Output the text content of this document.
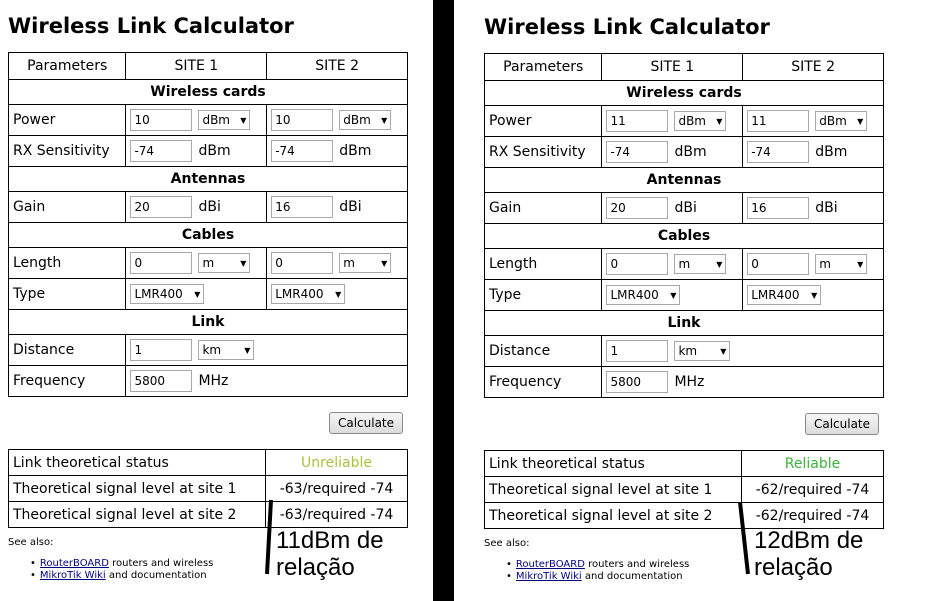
Wireless Link Calculator
Parameters	SITE 1	SITE 2
Wireless cards		
Power	10 dBm ▼	10 dBm ▼

RX Sensitivity	-74 dBm	-74 dBm

Antennas		
Gain	20 dBi	16 dBi

Cables		
Length	0 m ▼	0 m ▼

Type	LMR400 ▼	LMR400 ▼

Link		
Distance	1 km ▼	

Frequency	5800 MHz	
Calculate
Link theoretical status	Unreliable
Theoretical signal level at site 1	-63/required -74
Theoretical signal level at site 2	-63/required -74
See also:
• RouterBOARD routers and wireless
• MikroTik Wiki and documentation
11dBm de
relação
Wireless Link Calculator
Parameters	SITE 1	SITE 2
Wireless cards		
Power	11 dBm ▼	11 dBm ▼

RX Sensitivity	-74 dBm	-74 dBm

Antennas		
Gain	20 dBi	16 dBi

Cables		
Length	0 m ▼	0 m ▼

Type	LMR400 ▼	LMR400 ▼

Link		
Distance	1 km ▼	

Frequency	5800 MHz	
Calculate
Link theoretical status	Reliable
Theoretical signal level at site 1	-62/required -74
Theoretical signal level at site 2	-62/required -74
See also:
• RouterBOARD routers and wireless
• MikroTik Wiki and documentation
12dBm de
relação
